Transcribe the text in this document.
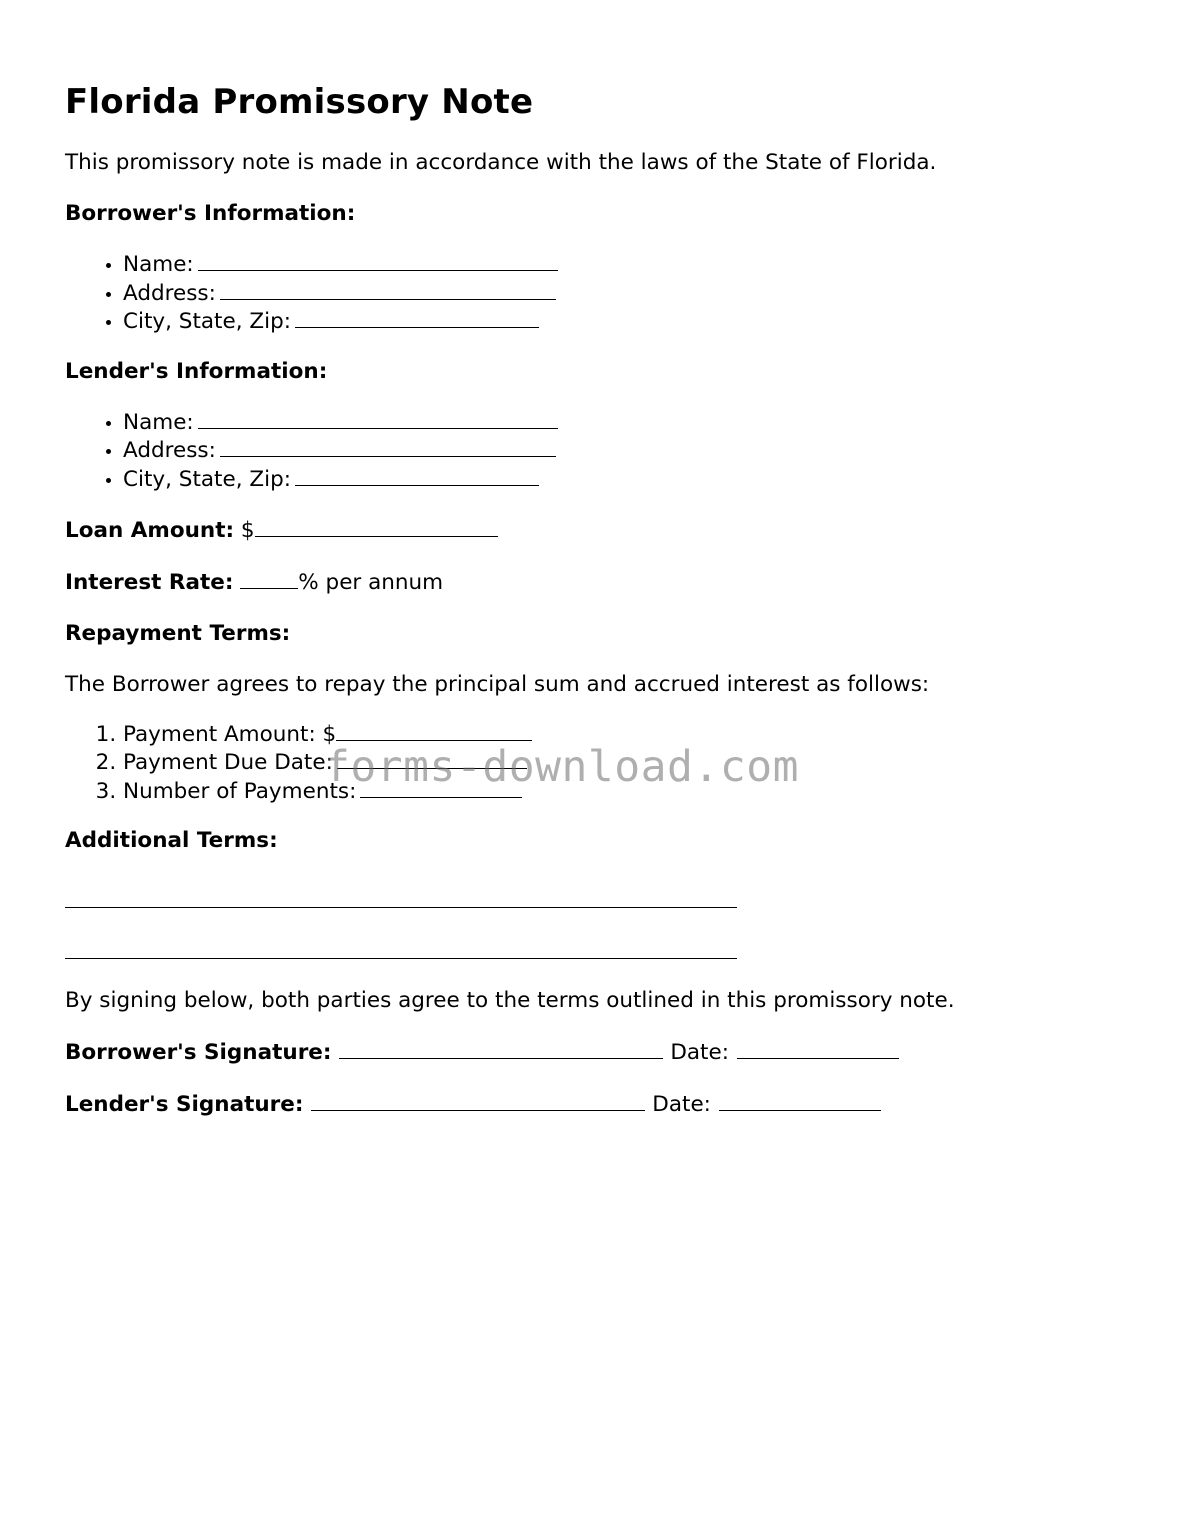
Florida Promissory Note

This promissory note is made in accordance with the laws of the State of Florida.

Borrower's Information:

• Name:
• Address:
• City, State, Zip:

Lender's Information:

• Name:
• Address:
• City, State, Zip:

Loan Amount: $

Interest Rate:	% per annum

Repayment Terms:

The Borrower agrees to repay the principal sum and accrued interest as follows:

1. Payment Amount: $
2. Payment Due Date:
3. Number of Payments:

Additional Terms:

By signing below, both parties agree to the terms outlined in this promissory note.

Borrower's Signature:	Date:

Lender's Signature:	Date:

forms-download.com
